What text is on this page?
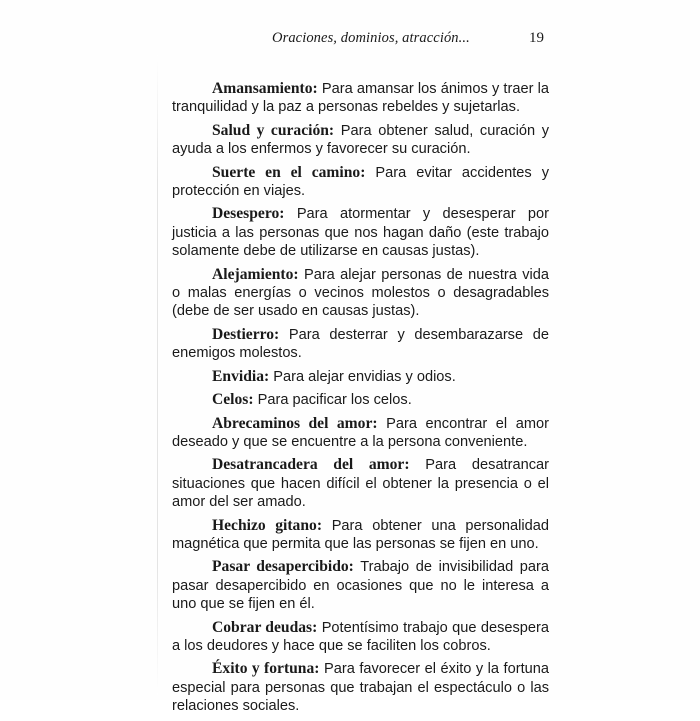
Oraciones, dominios, atracción...	19

Amansamiento: Para amansar los ánimos y traer la tranquilidad y la paz a personas rebeldes y sujetarlas.

Salud y curación: Para obtener salud, curación y ayuda a los enfermos y favorecer su curación.

Suerte en el camino: Para evitar accidentes y protección en viajes.

Desespero: Para atormentar y desesperar por justicia a las personas que nos hagan daño (este trabajo solamente debe de utilizarse en causas justas).

Alejamiento: Para alejar personas de nuestra vida o malas energías o vecinos molestos o desagradables (debe de ser usado en causas justas).

Destierro: Para desterrar y desembarazarse de enemigos molestos.

Envidia: Para alejar envidias y odios.

Celos: Para pacificar los celos.

Abrecaminos del amor: Para encontrar el amor deseado y que se encuentre a la persona conveniente.

Desatrancadera del amor: Para desatrancar situaciones que hacen difícil el obtener la presencia o el amor del ser amado.

Hechizo gitano: Para obtener una personalidad magnética que permita que las personas se fijen en uno.

Pasar desapercibido: Trabajo de invisibilidad para pasar desapercibido en ocasiones que no le interesa a uno que se fijen en él.

Cobrar deudas: Potentísimo trabajo que desespera a los deudores y hace que se faciliten los cobros.

Éxito y fortuna: Para favorecer el éxito y la fortuna especial para personas que trabajan el espectáculo o las relaciones sociales.
